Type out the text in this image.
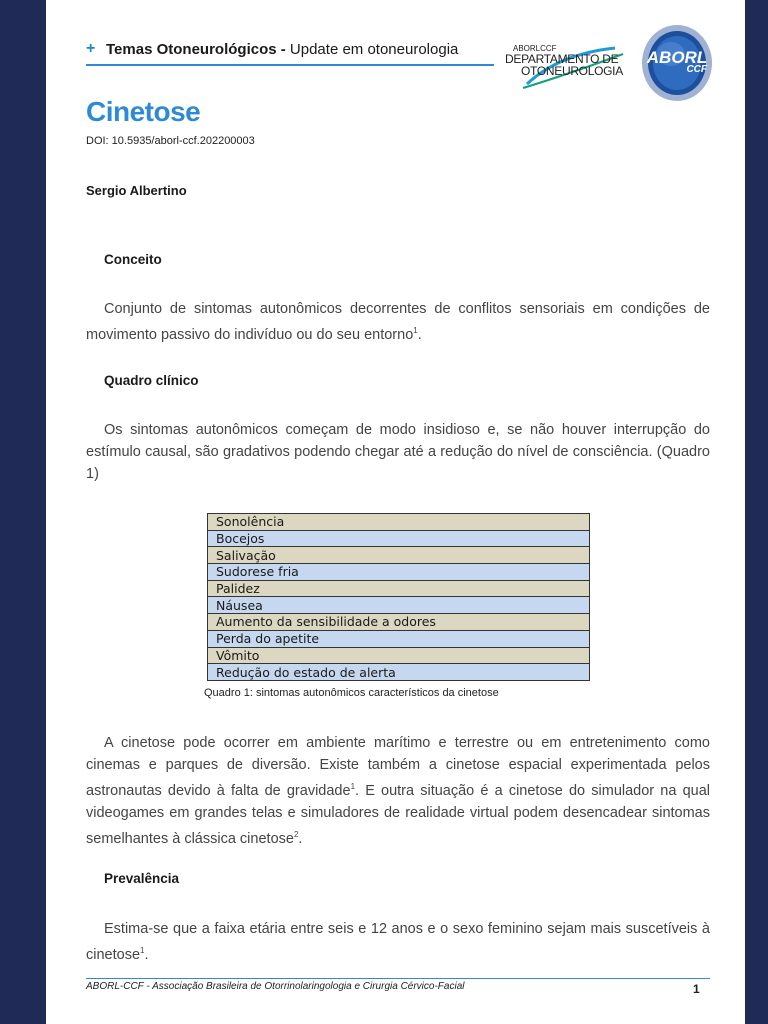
+ Temas Otoneurológicos - Update em otoneurologia	ABORLCCF
DEPARTAMENTO DE
OTONEUROLOGIA
ABORL
CCF
Cinetose
DOI: 10.5935/aborl-ccf.202200003
Sergio Albertino
Conceito
Conjunto de sintomas autonômicos decorrentes de conflitos sensoriais em condições de movimento passivo do indivíduo ou do seu entorno$^1$.
Quadro clínico
Os sintomas autonômicos começam de modo insidioso e, se não houver interrupção do estímulo causal, são gradativos podendo chegar até a redução do nível de consciência. (Quadro 1)
Sonolência
Bocejos
Salivação
Sudorese fria
Palidez
Náusea
Aumento da sensibilidade a odores
Perda do apetite
Vômito
Redução do estado de alerta
Quadro 1: sintomas autonômicos característicos da cinetose
A cinetose pode ocorrer em ambiente marítimo e terrestre ou em entretenimento como cinemas e parques de diversão. Existe também a cinetose espacial experimentada pelos astronautas devido à falta de gravidade$^1$. E outra situação é a cinetose do simulador na qual videogames em grandes telas e simuladores de realidade virtual podem desencadear sintomas semelhantes à clássica cinetose$^2$.
Prevalência
Estima-se que a faixa etária entre seis e 12 anos e o sexo feminino sejam mais suscetíveis à cinetose$^1$.
ABORL-CCF - Associação Brasileira de Otorrinolaringologia e Cirurgia Cérvico-Facial	1
